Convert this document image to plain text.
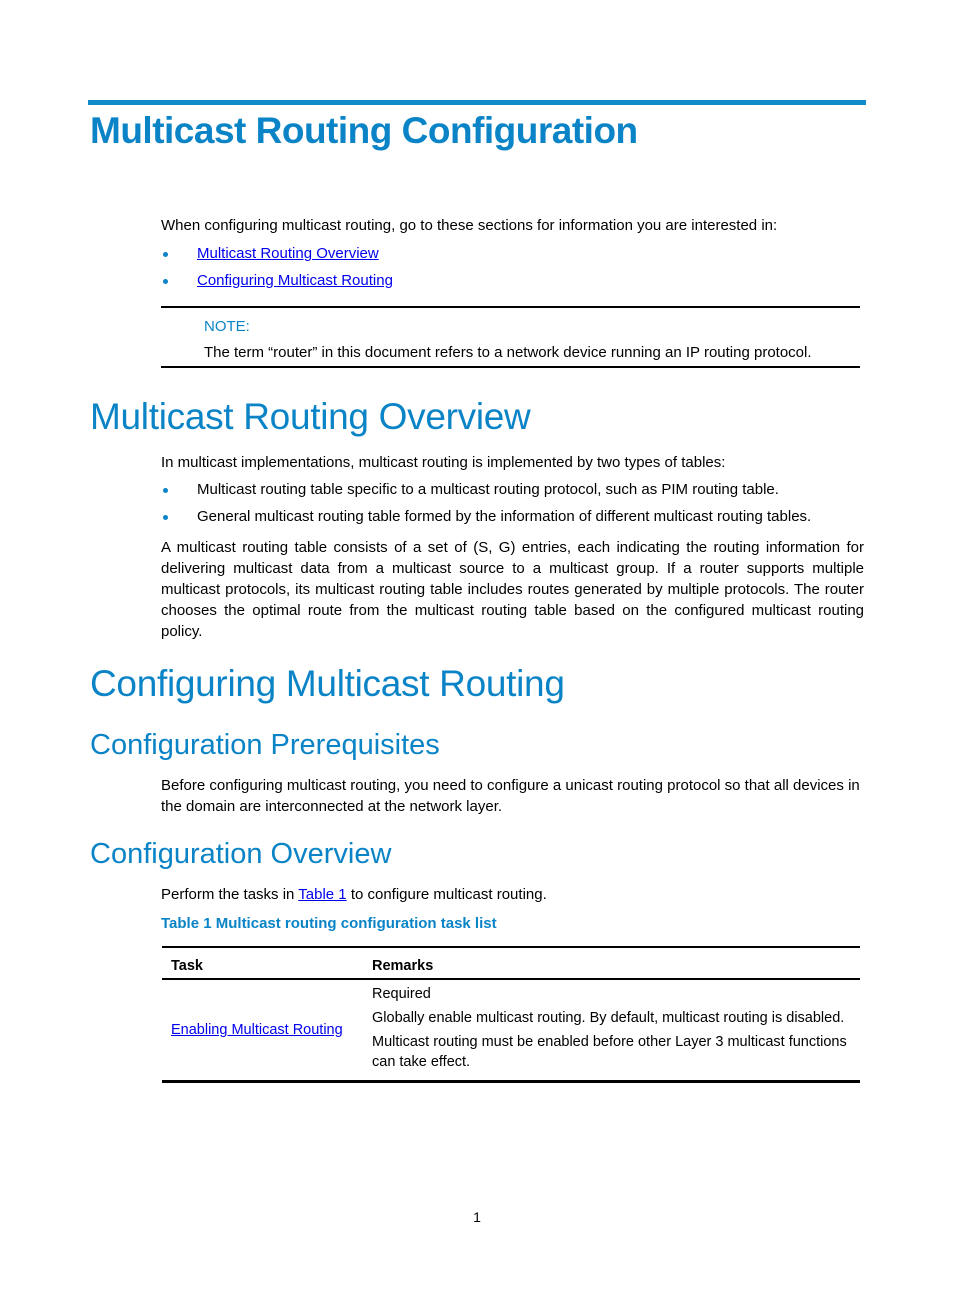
Multicast Routing Configuration

When configuring multicast routing, go to these sections for information you are interested in:

Multicast Routing Overview
Configuring Multicast Routing
NOTE:
The term “router” in this document refers to a network device running an IP routing protocol.
Multicast Routing Overview

In multicast implementations, multicast routing is implemented by two types of tables:

Multicast routing table specific to a multicast routing protocol, such as PIM routing table.
General multicast routing table formed by the information of different multicast routing tables.

A multicast routing table consists of a set of (S, G) entries, each indicating the routing information for delivering multicast data from a multicast source to a multicast group. If a router supports multiple multicast protocols, its multicast routing table includes routes generated by multiple protocols. The router chooses the optimal route from the multicast routing table based on the configured multicast routing policy.

Configuring Multicast Routing
Configuration Prerequisites

Before configuring multicast routing, you need to configure a unicast routing protocol so that all devices in the domain are interconnected at the network layer.

Configuration Overview

Perform the tasks in Table 1 to configure multicast routing.

Table 1 Multicast routing configuration task list
Task	Remarks
Enabling Multicast Routing	Required

Globally enable multicast routing. By default, multicast routing is disabled.

Multicast routing must be enabled before other Layer 3 multicast functions can take effect.

1
